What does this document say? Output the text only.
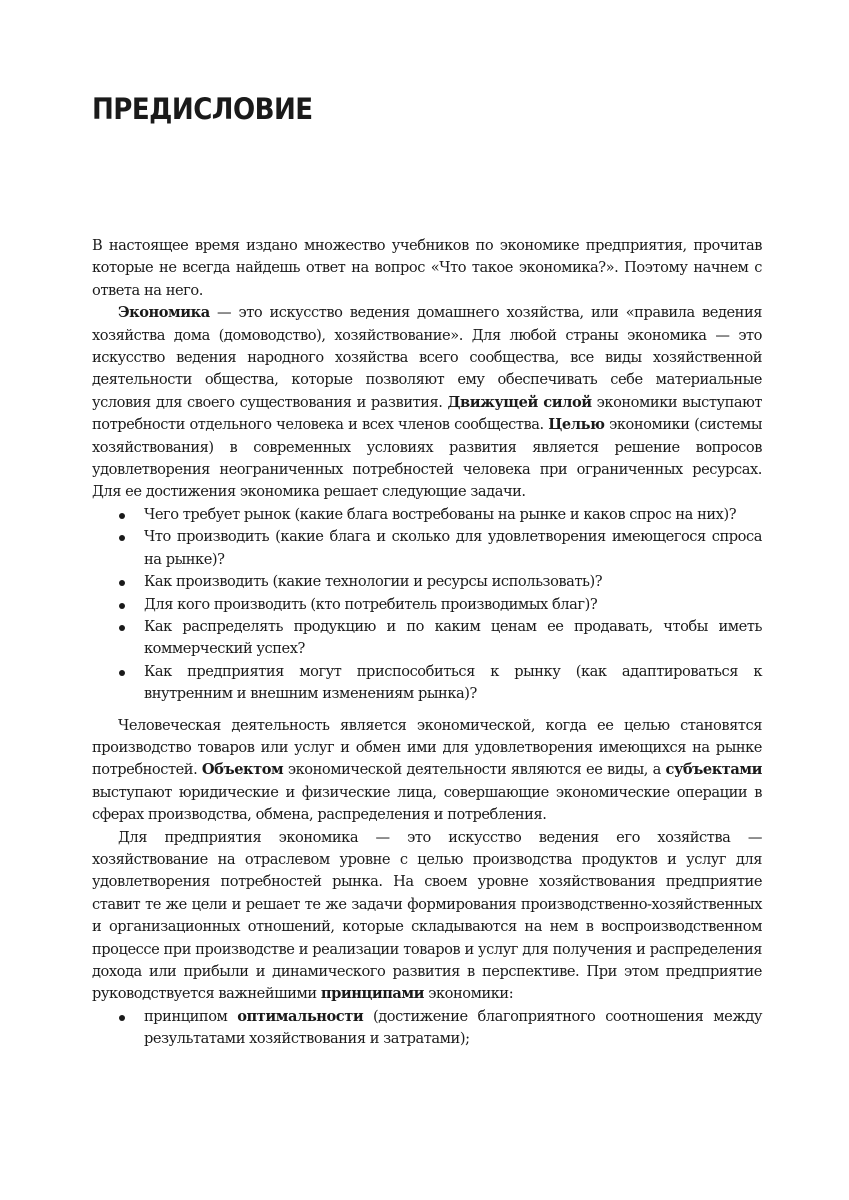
ПРЕДИСЛОВИЕ

В настоящее время издано множество учебников по экономике предприятия, прочитав которые не всегда найдешь ответ на вопрос «Что такое экономика?». Поэтому начнем с ответа на него.

Экономика — это искусство ведения домашнего хозяйства, или «правила ведения хозяйства дома (домоводство), хозяйствование». Для любой страны экономика — это искусство ведения народного хозяйства всего сообщества, все виды хозяйственной деятельности общества, которые позволяют ему обеспечивать себе материальные условия для своего существования и развития. Движущей силой экономики выступают потребности отдельного человека и всех членов сообщества. Целью экономики (системы хозяйствования) в современных условиях развития является решение вопросов удовлетворения неограниченных потребностей человека при ограниченных ресурсах. Для ее достижения экономика решает следующие задачи.

Чего требует рынок (какие блага востребованы на рынке и каков спрос на них)?
Что производить (какие блага и сколько для удовлетворения имеющегося спроса на рынке)?
Как производить (какие технологии и ресурсы использовать)?
Для кого производить (кто потребитель производимых благ)?
Как распределять продукцию и по каким ценам ее продавать, чтобы иметь коммерческий успех?
Как предприятия могут приспособиться к рынку (как адаптироваться к внутренним и внешним изменениям рынка)?

Человеческая деятельность является экономической, когда ее целью становятся производство товаров или услуг и обмен ими для удовлетворения имеющихся на рынке потребностей. Объектом экономической деятельности являются ее виды, а субъектами выступают юридические и физические лица, совершающие экономические операции в сферах производства, обмена, распределения и потребления.

Для предприятия экономика — это искусство ведения его хозяйства — хозяйствование на отраслевом уровне с целью производства продуктов и услуг для удовлетворения потребностей рынка. На своем уровне хозяйствования предприятие ставит те же цели и решает те же задачи формирования производственно-хозяйственных и организационных отношений, которые складываются на нем в воспроизводственном процессе при производстве и реализации товаров и услуг для получения и распределения дохода или прибыли и динамического развития в перспективе. При этом предприятие руководствуется важнейшими принципами экономики:

принципом оптимальности (достижение благоприятного соотношения между результатами хозяйствования и затратами);
